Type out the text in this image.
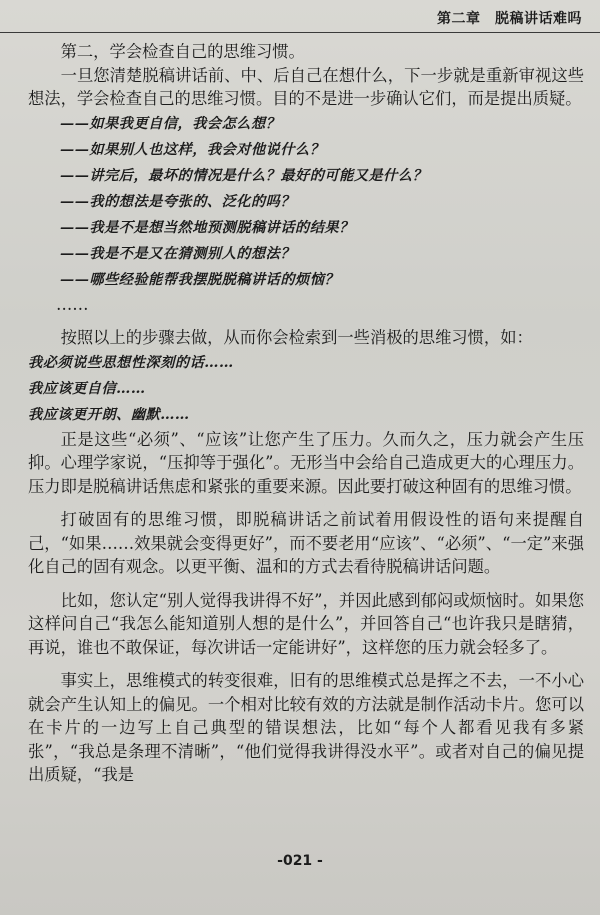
第二章　脱稿讲话难吗

第二，学会检查自己的思维习惯。

一旦您清楚脱稿讲话前、中、后自己在想什么，下一步就是重新审视这些想法，学会检查自己的思维习惯。目的不是进一步确认它们，而是提出质疑。

——如果我更自信，我会怎么想？

——如果别人也这样，我会对他说什么？

——讲完后，最坏的情况是什么？最好的可能又是什么？

——我的想法是夸张的、泛化的吗？

——我是不是想当然地预测脱稿讲话的结果？

——我是不是又在猜测别人的想法？

——哪些经验能帮我摆脱脱稿讲话的烦恼？

……

按照以上的步骤去做，从而你会检索到一些消极的思维习惯，如：

我必须说些思想性深刻的话……

我应该更自信……

我应该更开朗、幽默……

正是这些“必须”、“应该”让您产生了压力。久而久之，压力就会产生压抑。心理学家说，“压抑等于强化”。无形当中会给自己造成更大的心理压力。压力即是脱稿讲话焦虑和紧张的重要来源。因此要打破这种固有的思维习惯。

打破固有的思维习惯，即脱稿讲话之前试着用假设性的语句来提醒自己，“如果……效果就会变得更好”，而不要老用“应该”、“必须”、“一定”来强化自己的固有观念。以更平衡、温和的方式去看待脱稿讲话问题。

比如，您认定“别人觉得我讲得不好”，并因此感到郁闷或烦恼时。如果您这样问自己“我怎么能知道别人想的是什么”，并回答自己“也许我只是瞎猜，再说，谁也不敢保证，每次讲话一定能讲好”，这样您的压力就会轻多了。

事实上，思维模式的转变很难，旧有的思维模式总是挥之不去，一不小心就会产生认知上的偏见。一个相对比较有效的方法就是制作活动卡片。您可以在卡片的一边写上自己典型的错误想法，比如“每个人都看见我有多紧张”，“我总是条理不清晰”，“他们觉得我讲得没水平”。或者对自己的偏见提出质疑，“我是

-021 -
